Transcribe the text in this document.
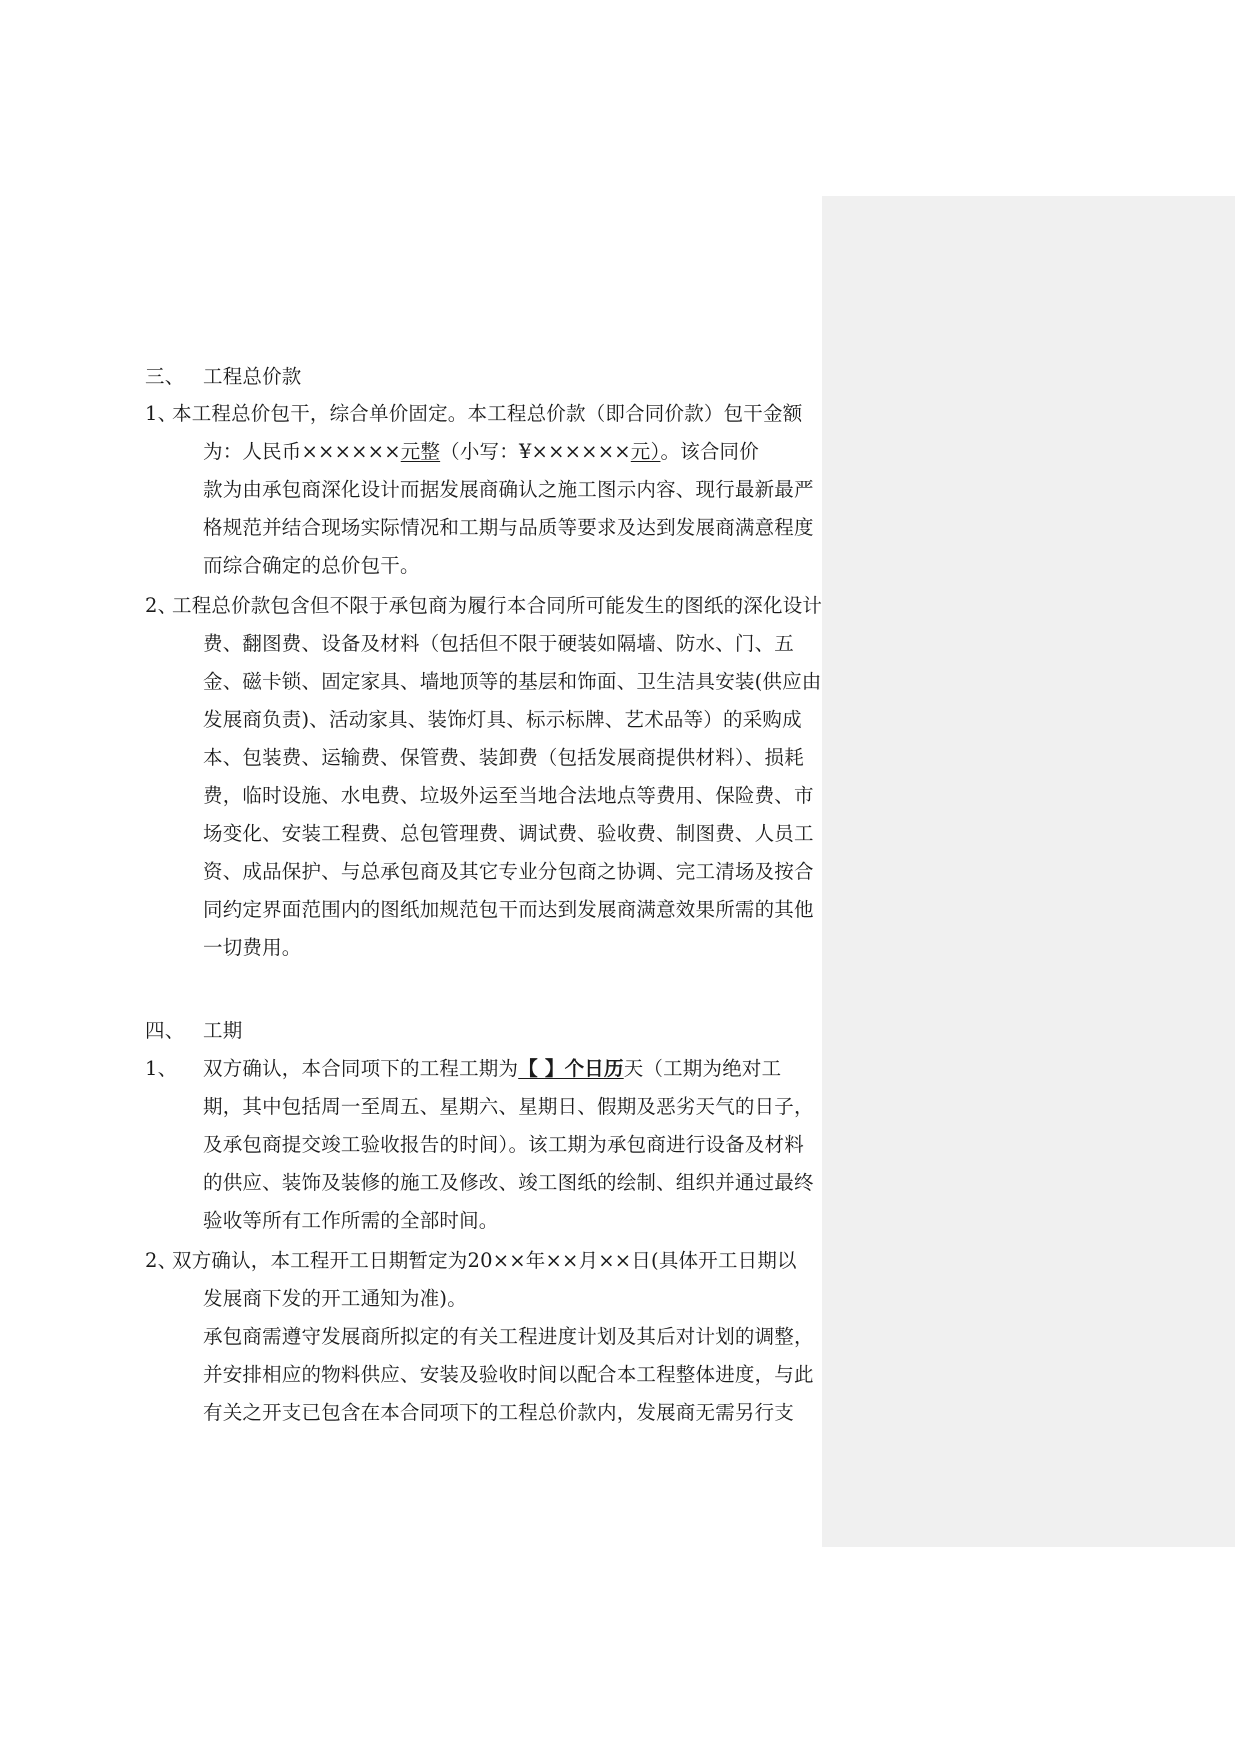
三、 工程总价款
1、
本工程总价包干，综合单价固定。本工程总价款（即合同价款）包干金额
为：人民币××××××元整（小写：¥××××××元）。该合同价
款为由承包商深化设计而据发展商确认之施工图示内容、现行最新最严
格规范并结合现场实际情况和工期与品质等要求及达到发展商满意程度
而综合确定的总价包干。
2、
工程总价款包含但不限于承包商为履行本合同所可能发生的图纸的深化设计
费、翻图费、设备及材料（包括但不限于硬装如隔墙、防水、门、五
金、磁卡锁、固定家具、墙地顶等的基层和饰面、卫生洁具安装(供应由
发展商负责)、活动家具、装饰灯具、标示标牌、艺术品等）的采购成
本、包装费、运输费、保管费、装卸费（包括发展商提供材料）、损耗
费，临时设施、水电费、垃圾外运至当地合法地点等费用、保险费、市
场变化、安装工程费、总包管理费、调试费、验收费、制图费、人员工
资、成品保护、与总承包商及其它专业分包商之协调、完工清场及按合
同约定界面范围内的图纸加规范包干而达到发展商满意效果所需的其他
一切费用。
四、 工期
1、 双方确认，本合同项下的工程工期为【 】个日历天（工期为绝对工
期，其中包括周一至周五、星期六、星期日、假期及恶劣天气的日子，
及承包商提交竣工验收报告的时间）。该工期为承包商进行设备及材料
的供应、装饰及装修的施工及修改、竣工图纸的绘制、组织并通过最终
验收等所有工作所需的全部时间。
2、
双方确认，本工程开工日期暂定为20××年××月××日(具体开工日期以
发展商下发的开工通知为准)。
承包商需遵守发展商所拟定的有关工程进度计划及其后对计划的调整，
并安排相应的物料供应、安装及验收时间以配合本工程整体进度，与此
有关之开支已包含在本合同项下的工程总价款内，发展商无需另行支
